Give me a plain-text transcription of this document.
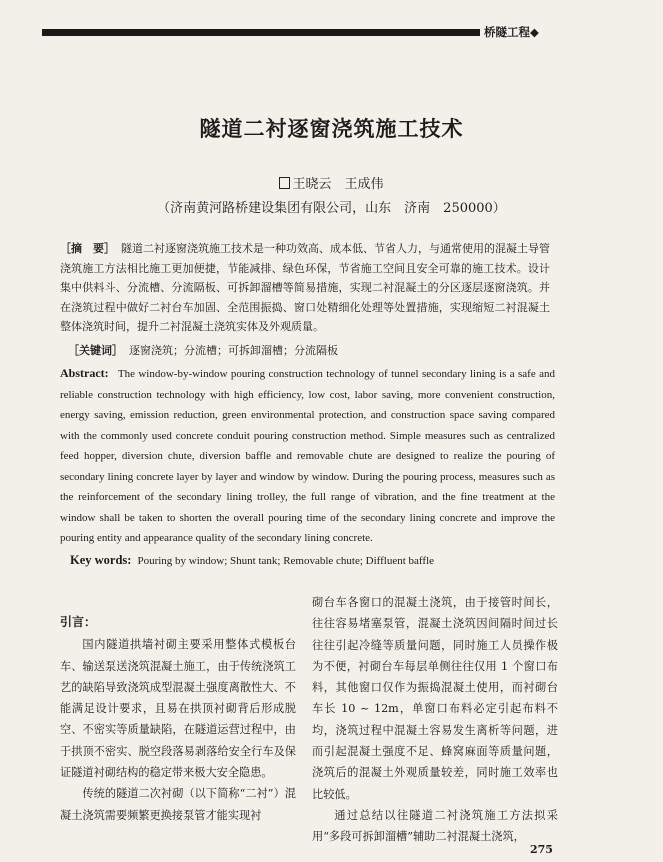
桥隧工程◆
隧道二衬逐窗浇筑施工技术
王晓云　王成伟
（济南黄河路桥建设集团有限公司，山东　济南　250000）
［摘　要］ 隧道二衬逐窗浇筑施工技术是一种功效高、成本低、节省人力，与通常使用的混凝土导管浇筑施工方法相比施工更加便捷，节能减排、绿色环保，节省施工空间且安全可靠的施工技术。设计集中供料斗、分流槽、分流隔板、可拆卸溜槽等简易措施，实现二衬混凝土的分区逐层逐窗浇筑。并在浇筑过程中做好二衬台车加固、全范围振捣、窗口处精细化处理等处置措施，实现缩短二衬混凝土整体浇筑时间，提升二衬混凝土浇筑实体及外观质量。
［关键词］ 逐窗浇筑；分流槽；可拆卸溜槽；分流隔板
Abstract: The window-by-window pouring construction technology of tunnel secondary lining is a safe and reliable construction technology with high efficiency, low cost, labor saving, more convenient construction, energy saving, emission reduction, green environmental protection, and construction space saving compared with the commonly used concrete conduit pouring construction method. Simple measures such as centralized feed hopper, diversion chute, diversion baffle and removable chute are designed to realize the pouring of secondary lining concrete layer by layer and window by window. During the pouring process, measures such as the reinforcement of the secondary lining trolley, the full range of vibration, and the fine treatment at the window shall be taken to shorten the overall pouring time of the secondary lining concrete and improve the pouring entity and appearance quality of the secondary lining concrete.
Key words: Pouring by window; Shunt tank; Removable chute; Diffluent baffle
引言：

国内隧道拱墙衬砌主要采用整体式模板台车、输送泵送浇筑混凝土施工，由于传统浇筑工艺的缺陷导致浇筑成型混凝土强度离散性大、不能满足设计要求，且易在拱顶衬砌背后形成脱空、不密实等质量缺陷，在隧道运营过程中，由于拱顶不密实、脱空段落易剥落给安全行车及保证隧道衬砌结构的稳定带来极大安全隐患。

传统的隧道二次衬砌（以下简称“二衬”）混凝土浇筑需要频繁更换接泵管才能实现衬

砌台车各窗口的混凝土浇筑，由于接管时间长，往往容易堵塞泵管，混凝土浇筑因间隔时间过长往往引起冷缝等质量问题，同时施工人员操作极为不便，衬砌台车每层单侧往往仅用 1 个窗口布料，其他窗口仅作为振捣混凝土使用，而衬砌台车长 10 ~ 12m，单窗口布料必定引起布料不均，浇筑过程中混凝土容易发生离析等问题，进而引起混凝土强度不足、蜂窝麻面等质量问题，浇筑后的混凝土外观质量较差，同时施工效率也比较低。

通过总结以往隧道二衬浇筑施工方法拟采用“多段可拆卸溜槽”辅助二衬混凝土浇筑，

275
